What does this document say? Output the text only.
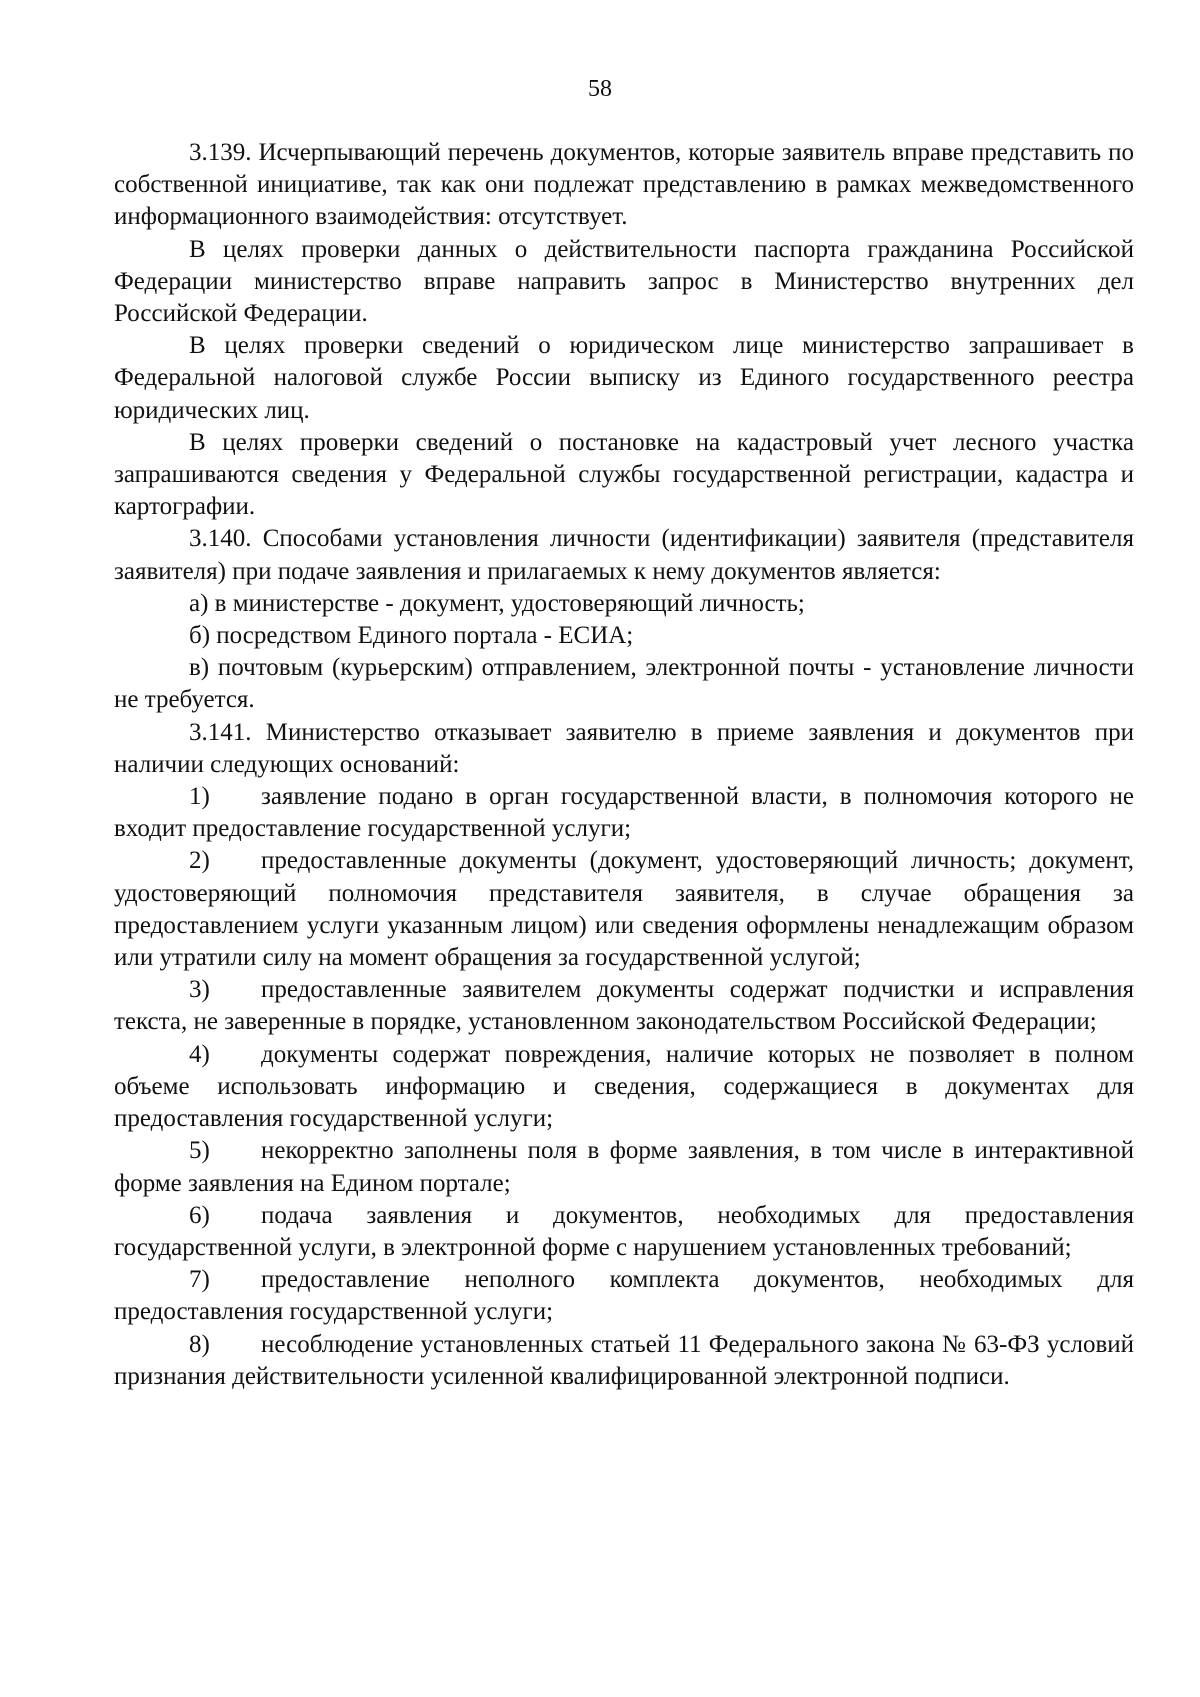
58

3.139. Исчерпывающий перечень документов, которые заявитель вправе представить по собственной инициативе, так как они подлежат представлению в рамках межведомственного информационного взаимодействия: отсутствует.

В целях проверки данных о действительности паспорта гражданина Российской Федерации министерство вправе направить запрос в Министерство внутренних дел Российской Федерации.

В целях проверки сведений о юридическом лице министерство запрашивает в Федеральной налоговой службе России выписку из Единого государственного реестра юридических лиц.

В целях проверки сведений о постановке на кадастровый учет лесного участка запрашиваются сведения у Федеральной службы государственной регистрации, кадастра и картографии.

3.140. Способами установления личности (идентификации) заявителя (представителя заявителя) при подаче заявления и прилагаемых к нему документов является:

а) в министерстве - документ, удостоверяющий личность;

б) посредством Единого портала - ЕСИА;

в) почтовым (курьерским) отправлением, электронной почты - установление личности не требуется.

3.141. Министерство отказывает заявителю в приеме заявления и документов при наличии следующих оснований:

1) заявление подано в орган государственной власти, в полномочия которого не входит предоставление государственной услуги;

2) предоставленные документы (документ, удостоверяющий личность; документ, удостоверяющий полномочия представителя заявителя, в случае обращения за предоставлением услуги указанным лицом) или сведения оформлены ненадлежащим образом или утратили силу на момент обращения за государственной услугой;

3) предоставленные заявителем документы содержат подчистки и исправления текста, не заверенные в порядке, установленном законодательством Российской Федерации;

4) документы содержат повреждения, наличие которых не позволяет в полном объеме использовать информацию и сведения, содержащиеся в документах для предоставления государственной услуги;

5) некорректно заполнены поля в форме заявления, в том числе в интерактивной форме заявления на Едином портале;

6) подача заявления и документов, необходимых для предоставления государственной услуги, в электронной форме с нарушением установленных требований;

7) предоставление неполного комплекта документов, необходимых для предоставления государственной услуги;

8) несоблюдение установленных статьей 11 Федерального закона № 63-ФЗ условий признания действительности усиленной квалифицированной электронной подписи.
